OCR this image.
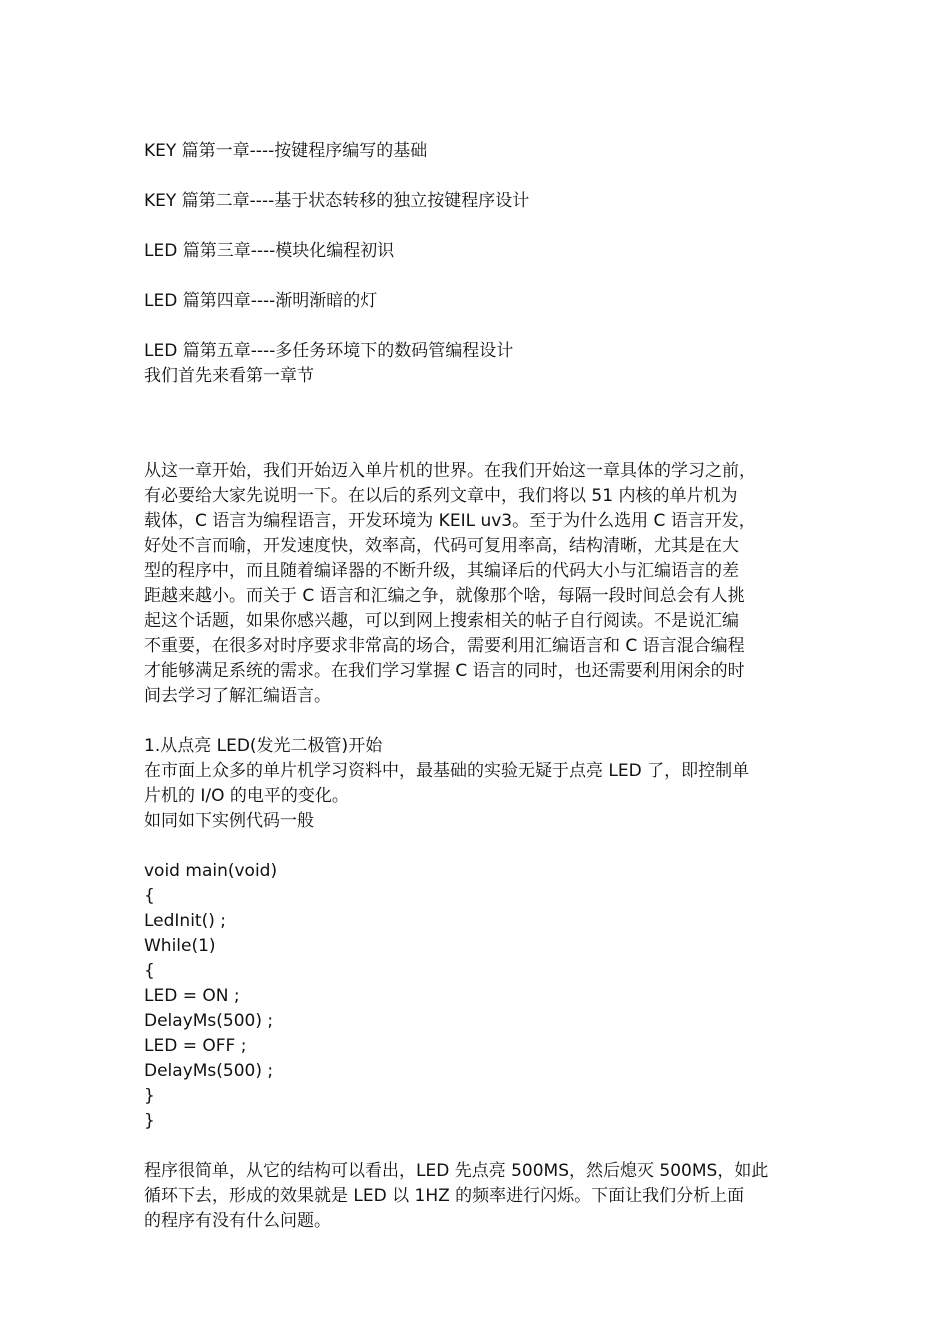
KEY 篇第一章----按键程序编写的基础
KEY 篇第二章----基于状态转移的独立按键程序设计
LED 篇第三章----模块化编程初识
LED 篇第四章----渐明渐暗的灯
LED 篇第五章----多任务环境下的数码管编程设计
我们首先来看第一章节
从这一章开始，我们开始迈入单片机的世界。在我们开始这一章具体的学习之前，
有必要给大家先说明一下。在以后的系列文章中，我们将以 51 内核的单片机为
载体，C 语言为编程语言，开发环境为 KEIL uv3。至于为什么选用 C 语言开发，
好处不言而喻，开发速度快，效率高，代码可复用率高，结构清晰，尤其是在大
型的程序中，而且随着编译器的不断升级，其编译后的代码大小与汇编语言的差
距越来越小。而关于 C 语言和汇编之争，就像那个啥，每隔一段时间总会有人挑
起这个话题，如果你感兴趣，可以到网上搜索相关的帖子自行阅读。不是说汇编
不重要，在很多对时序要求非常高的场合，需要利用汇编语言和 C 语言混合编程
才能够满足系统的需求。在我们学习掌握 C 语言的同时，也还需要利用闲余的时
间去学习了解汇编语言。
1.从点亮 LED(发光二极管)开始
在市面上众多的单片机学习资料中，最基础的实验无疑于点亮 LED 了，即控制单
片机的 I/O 的电平的变化。
如同如下实例代码一般
void main(void)
{
LedInit() ;
While(1)
{
LED = ON ;
DelayMs(500) ;
LED = OFF ;
DelayMs(500) ;
}
}
程序很简单，从它的结构可以看出，LED 先点亮 500MS，然后熄灭 500MS，如此
循环下去，形成的效果就是 LED 以 1HZ 的频率进行闪烁。下面让我们分析上面
的程序有没有什么问题。
